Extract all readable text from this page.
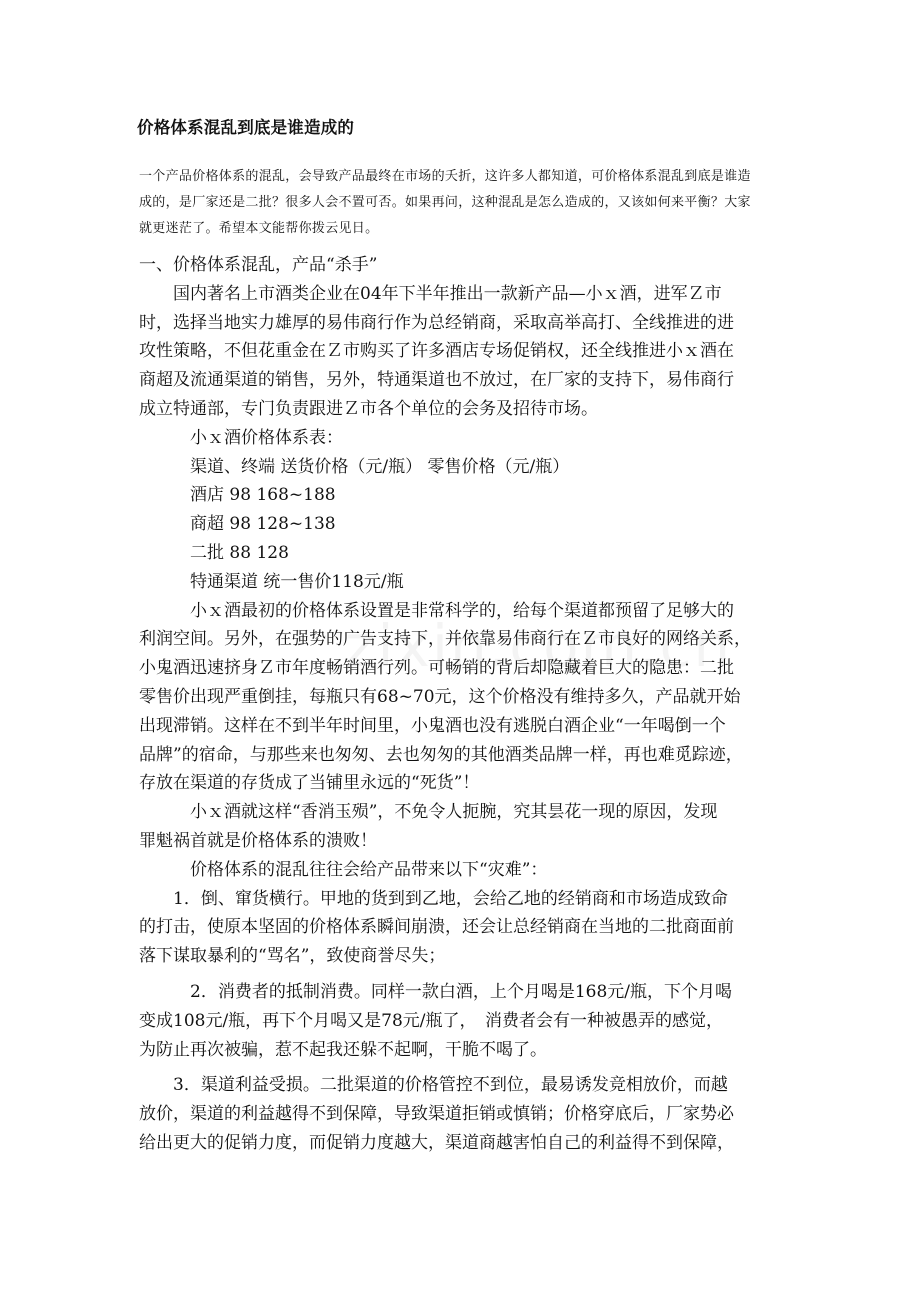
价格体系混乱到底是谁造成的
一个产品价格体系的混乱，会导致产品最终在市场的夭折，这许多人都知道，可价格体系混乱到底是谁造
成的，是厂家还是二批？很多人会不置可否。如果再问，这种混乱是怎么造成的，又该如何来平衡？大家
就更迷茫了。希望本文能帮你拨云见日。
一、价格体系混乱，产品“杀手”
　　国内著名上市酒类企业在04年下半年推出一款新产品—小ｘ酒，进军Ｚ市
时，选择当地实力雄厚的易伟商行作为总经销商，采取高举高打、全线推进的进
攻性策略，不但花重金在Ｚ市购买了许多酒店专场促销权，还全线推进小ｘ酒在
商超及流通渠道的销售，另外，特通渠道也不放过，在厂家的支持下，易伟商行
成立特通部，专门负责跟进Ｚ市各个单位的会务及招待市场。
　　　小ｘ酒价格体系表：
　　　渠道、终端 送货价格（元/瓶） 零售价格（元/瓶）
　　　酒店 98 168~188
　　　商超 98 128~138
　　　二批 88 128
　　　特通渠道 统一售价118元/瓶
　　　小ｘ酒最初的价格体系设置是非常科学的，给每个渠道都预留了足够大的
利润空间。另外，在强势的广告支持下，并依靠易伟商行在Ｚ市良好的网络关系，
小鬼酒迅速挤身Ｚ市年度畅销酒行列。可畅销的背后却隐藏着巨大的隐患：二批
零售价出现严重倒挂，每瓶只有68~70元，这个价格没有维持多久，产品就开始
出现滞销。这样在不到半年时间里，小鬼酒也没有逃脱白酒企业“一年喝倒一个
品牌”的宿命，与那些来也匆匆、去也匆匆的其他酒类品牌一样，再也难觅踪迹，
存放在渠道的存货成了当铺里永远的“死货”！
　　　小ｘ酒就这样“香消玉殒”，不免令人扼腕，究其昙花一现的原因，发现
罪魁祸首就是价格体系的溃败！
　　　价格体系的混乱往往会给产品带来以下“灾难”：
　　1．倒、窜货横行。甲地的货到到乙地，会给乙地的经销商和市场造成致命
的打击，使原本坚固的价格体系瞬间崩溃，还会让总经销商在当地的二批商面前
落下谋取暴利的“骂名”，致使商誉尽失；
　　　2．消费者的抵制消费。同样一款白酒，上个月喝是168元/瓶，下个月喝
变成108元/瓶，再下个月喝又是78元/瓶了，　消费者会有一种被愚弄的感觉，
为防止再次被骗，惹不起我还躲不起啊，干脆不喝了。
　　3．渠道利益受损。二批渠道的价格管控不到位，最易诱发竞相放价，而越
放价，渠道的利益越得不到保障，导致渠道拒销或慎销；价格穿底后，厂家势必
给出更大的促销力度，而促销力度越大，渠道商越害怕自己的利益得不到保障，
